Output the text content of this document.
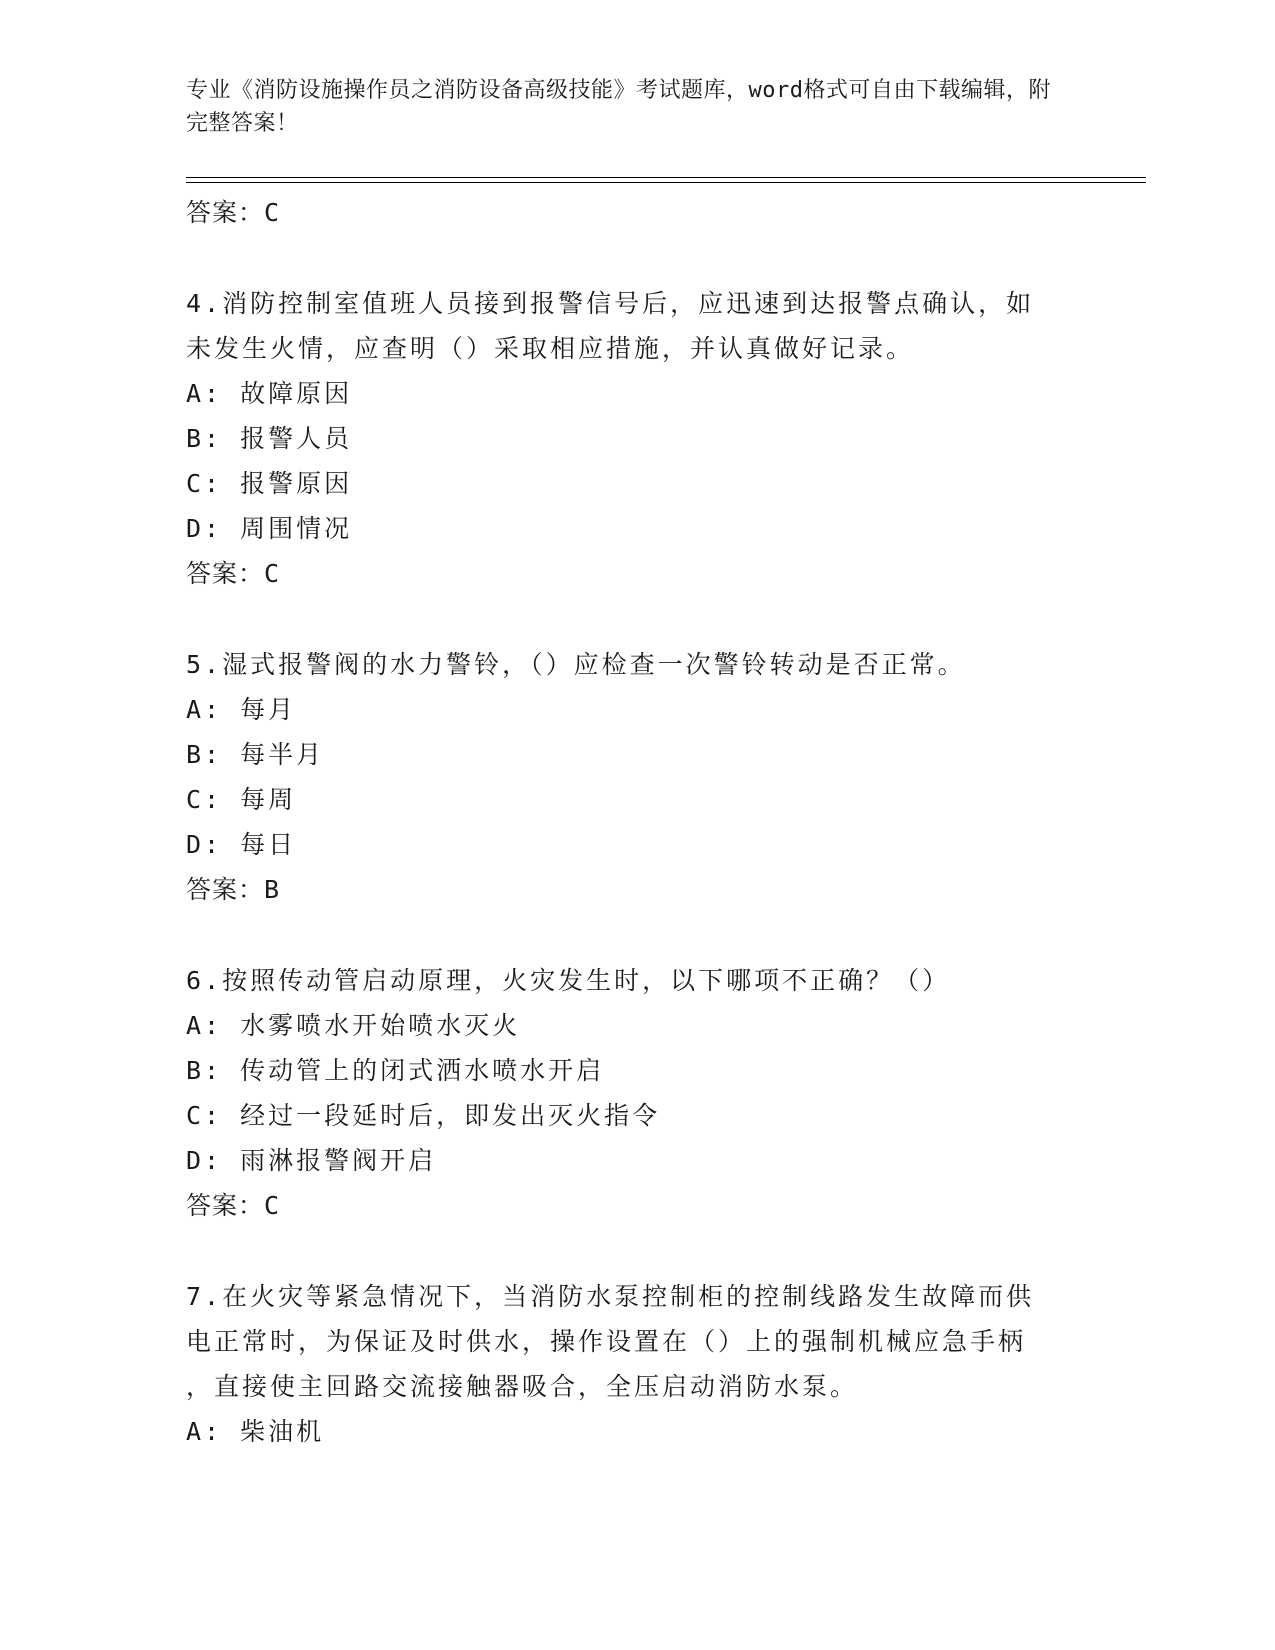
专业《消防设施操作员之消防设备高级技能》考试题库，word格式可自由下载编辑，附完整答案！
答案：C
4.消防控制室值班人员接到报警信号后，应迅速到达报警点确认，如
未发生火情，应查明（）采取相应措施，并认真做好记录。
A: 故障原因
B: 报警人员
C: 报警原因
D: 周围情况
答案：C
5.湿式报警阀的水力警铃，（）应检查一次警铃转动是否正常。
A: 每月
B: 每半月
C: 每周
D: 每日
答案：B
6.按照传动管启动原理，火灾发生时，以下哪项不正确？（）
A: 水雾喷水开始喷水灭火
B: 传动管上的闭式洒水喷水开启
C: 经过一段延时后，即发出灭火指令
D: 雨淋报警阀开启
答案：C
7.在火灾等紧急情况下，当消防水泵控制柜的控制线路发生故障而供
电正常时，为保证及时供水，操作设置在（）上的强制机械应急手柄
，直接使主回路交流接触器吸合，全压启动消防水泵。
A: 柴油机
